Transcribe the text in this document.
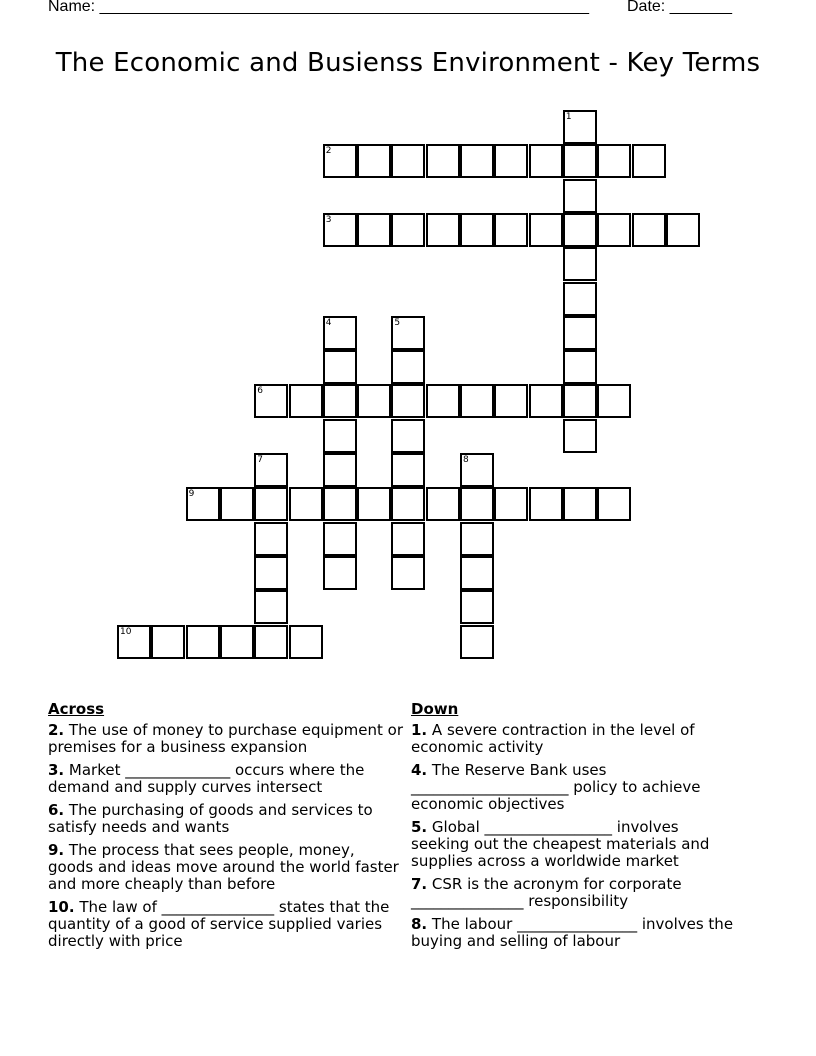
Name: _______________________________________________________ Date: _______
The Economic and Busienss Environment - Key Terms
1
2
3
4	5
6
7	8
9
10
Across
2. The use of money to purchase equipment or premises for a business expansion
3. Market ______________ occurs where the demand and supply curves intersect
6. The purchasing of goods and services to satisfy needs and wants
9. The process that sees people, money, goods and ideas move around the world faster and more cheaply than before
10. The law of _______________ states that the quantity of a good of service supplied varies directly with price
Down
1. A severe contraction in the level of economic activity
4. The Reserve Bank uses _____________________ policy to achieve economic objectives
5. Global _________________ involves seeking out the cheapest materials and supplies across a worldwide market
7. CSR is the acronym for corporate _______________ responsibility
8. The labour ________________ involves the buying and selling of labour
